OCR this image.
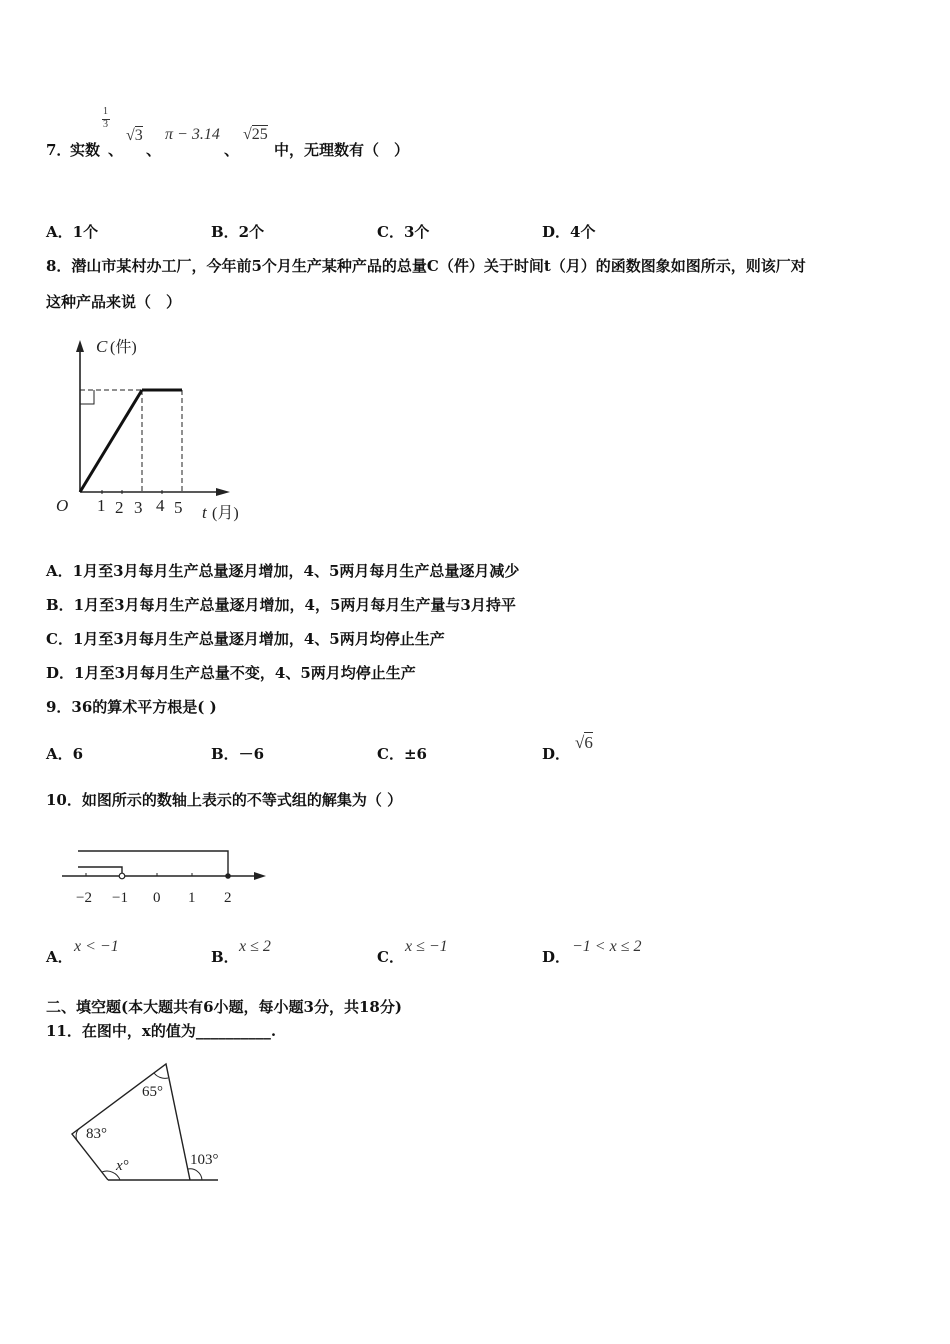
7．
实数
1
3
、
√3
、
π − 3.14
、
√25
中，无理数有（　）
A．1个	B．2个	C．3个	D．4个
8．潜山市某村办工厂，今年前5个月生产某种产品的总量C（件）关于时间t（月）的函数图象如图所示，则该厂对
这种产品来说（　）
C (件)
O 1 2 3 4 5 t (月)
A．1月至3月每月生产总量逐月增加，4、5两月每月生产总量逐月减少
B．1月至3月每月生产总量逐月增加，4，5两月每月生产量与3月持平
C．1月至3月每月生产总量逐月增加，4、5两月均停止生产
D．1月至3月每月生产总量不变，4、5两月均停止生产
9．36的算术平方根是( )
A．6	B．－6	C．±6	D．
√6
10．如图所示的数轴上表示的不等式组的解集为（ ）
−2 −1 0 1 2
A．
x < −1
B．
x ≤ 2
C．
x ≤ −1
D．
−1 < x ≤ 2
二、填空题(本大题共有6小题，每小题3分，共18分)
11．在图中，x的值为__________.
65°
83°
x°	103°
